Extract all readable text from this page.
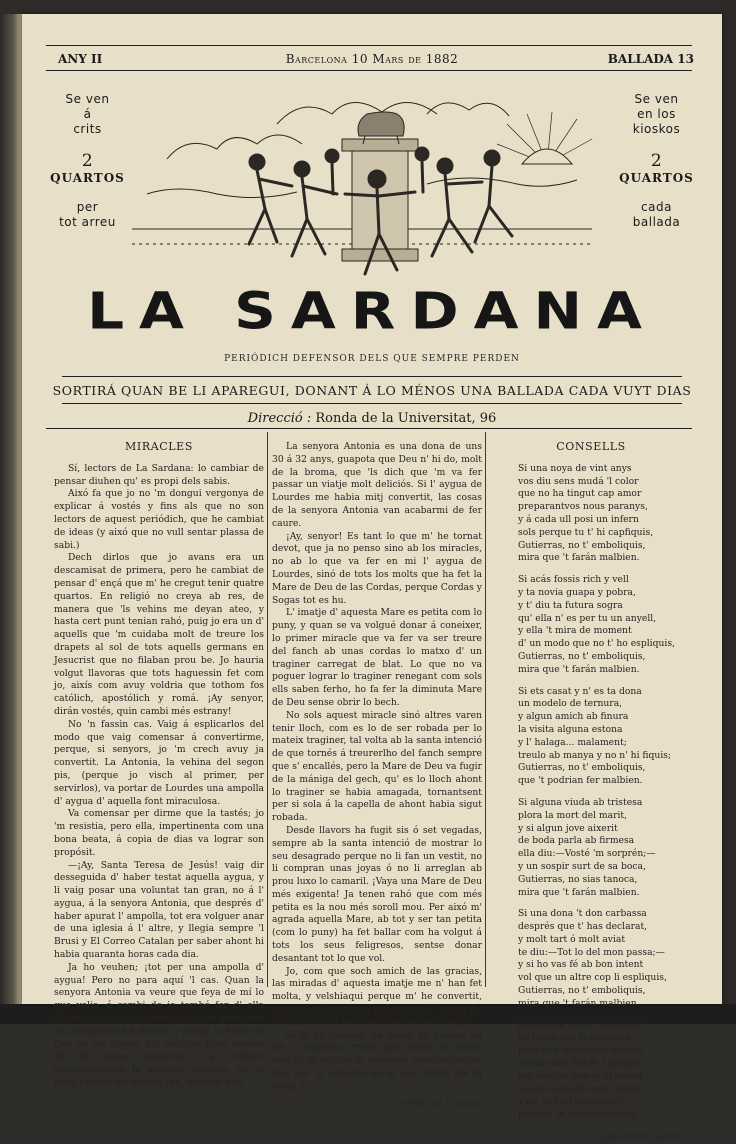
ANY II	Barcelona 10 Mars de 1882	BALLADA 13
Se ven
á
crits
2
QUARTOS
per
tot arreu
Se ven
en los
kioskos
2
QUARTOS
cada
ballada
LA SARDANA
PERIÓDICH DEFENSOR DELS QUE SEMPRE PERDEN
SORTIRÁ QUAN BE LI APAREGUI, DONANT Á LO MÉNOS UNA BALLADA CADA VUYT DIAS
Direcció : Ronda de la Universitat, 96
MIRACLES

Sí, lectors de La Sardana: lo cambiar de pensar diuhen qu' es propi dels sabis.

Aixó fa que jo no 'm dongui vergonya de explicar á vostés y fins als que no son lectors de aquest periódich, que he cambiat de ideas (y aixó que no vull sentar plassa de sabi.)

Dech dirlos que jo avans era un descamisat de primera, pero he cambiat de pensar d' ençá que m' he cregut tenir quatre quartos. En religió no creya ab res, de manera que 'ls vehins me deyan ateo, y hasta cert punt tenian rahó, puig jo era un d' aquells que 'm cuidaba molt de treure los drapets al sol de tots aquells germans en Jesucrist que no filaban prou be. Jo hauria volgut llavoras que tots haguessin fet com jo, aixís com avuy voldria que tothom fos católich, apostólich y romá. ¡Ay senyor, dirán vostés, quin cambi més estrany!

No 'n fassin cas. Vaig á esplicarlos del modo que vaig comensar á convertirme, perque, si senyors, jo 'm crech avuy ja convertit. La Antonia, la vehina del segon pis, (perque jo visch al primer, per servirlos), va portar de Lourdes una ampolla d' aygua d' aquella font miraculosa.

Va comensar per dirme que la tastés; jo 'm resistia, pero ella, impertinenta com una bona beata, á copia de dias va lograr son propósit.

—¡Ay, Santa Teresa de Jesús! vaig dir desseguida d' haber testat aquella aygua, y li vaig posar una voluntat tan gran, no á l' aygua, á la senyora Antonia, que després d' haber apurat l' ampolla, tot era volguer anar de una iglesia á l' altre, y llegia sempre 'l Brusi y El Correo Catalan per saber ahont hi habia quaranta horas cada dia.

Ja ho veuhen; ¡tot per una ampolla d' aygua! Pero no para aquí 'l cas. Quan la senyora Antonia va veure que feya de mí lo que volia, á cambi de jo també fer d' ella alguna cosa, va posarse al cap de portarme en pelegrinació á Bellbis á visitar la Mare de Deu de las Sogas. No confiant prou encara ab la meva conversió, va volguer acompanyarme la senyora Antonia, ab lo dócil permís del senyor Jan, marit d' ella.

La senyora Antonia es una dona de uns 30 á 32 anys, guapota que Deu n' hi do, molt de la broma, que 'ls dich que 'm va fer passar un viatje molt deliciós. Si l' aygua de Lourdes me habia mitj convertit, las cosas de la senyora Antonia van acabarmi de fer caure.

¡Ay, senyor! Es tant lo que m' he tornat devot, que ja no penso sino ab los miracles, no ab lo que va fer en mi l' aygua de Lourdes, sinó de tots los molts que ha fet la Mare de Deu de las Cordas, perque Cordas y Sogas tot es hu.

L' imatje d' aquesta Mare es petita com lo puny, y quan se va volgué donar á coneixer, lo primer miracle que va fer va ser treure del fanch ab unas cordas lo matxo d' un traginer carregat de blat. Lo que no va poguer lograr lo traginer renegant com sols ells saben ferho, ho fa fer la diminuta Mare de Deu sense obrir lo bech.

No sols aquest miracle sinó altres varen tenir lloch, com es lo de ser robada per lo mateix traginer, tal volta ab la santa intenció de que tornés á treurerlho del fanch sempre que s' encallés, pero la Mare de Deu va fugir de la mániga del gech, qu' es lo lloch ahont lo traginer se habia amagada, tornantsent per si sola á la capella de ahont habia sigut robada.

Desde llavors ha fugit sis ó set vegadas, sempre ab la santa intenció de mostrar lo seu desagrado perque no li fan un vestit, no li compran unas joyas ó no li arreglan ab prou luxo lo camaril. ¡Vaya una Mare de Deu més exigenta! Ja tenen rahó que com més petita es la nou més soroll mou. Per aixó m' agrada aquella Mare, ab tot y ser tan petita (com lo puny) ha fet ballar com ha volgut á tots los seus feligresos, sentse donar desantant tot lo que vol.

Jo, com que soch amich de las gracias, las miradas d' aquesta imatje me n' han fet molta, y velshiaqui perque m' he convertit, gracias á la senyora Antonia, á l' aygua de Lourdes y á la Mare de Deu de las Cordas.

Si jo he cambiat de modo de pensar ab tot lo explicat, crech que vostés ho farán sols ab la lectura d' aquestas quantas ratllas que per la salvació de la sua ánima los hi envia lo

Nebot de l' oncle
CONSELLS
Si una noya de vint anys
vos diu sens mudá 'l color
que no ha tingut cap amor
preparantvos nous paranys,
y á cada ull posi un infern
sols perque tu t' hi capfiquis,
Gutierras, no t' emboliquis,
mira que 't farán malbien.
Si acás fossis rich y vell
y ta novia guapa y pobra,
y t' diu ta futura sogra
qu' ella n' es per tu un anyell,
y ella 't mira de moment
d' un modo que no t' ho espliquis,
Gutierras, no t' emboliquis,
mira que 't farán malbien.
Si ets casat y n' es ta dona
un modelo de ternura,
y algun amich ab finura
la visita alguna estona
y l' halaga... malament;
treulo ab manya y no n' hi fiquis;
Gutierras, no t' emboliquis,
que 't podrian fer malbien.
Si alguna viuda ab tristesa
plora la mort del marit,
y si algun jove aixerit
de boda parla ab firmesa
ella diu:—Vosté 'm sorprén;—
y un sospir surt de sa boca,
Gutierras, no sias tanoca,
mira que 't farán malbien.
Si una dona 't don carbassa
després que t' has declarat,
y molt tart ó molt aviat
te diu:—Tot lo del mon passa;—
y si ho vas fé ab bon intent
vol que un altre cop li espliquis,
Gutierras, no t' emboliquis,
mira que 't farán malbien.
Jo sempre estich admirant
de las donas la destresa,
puig que sens tenir bellesa
moltas nos fan fé 'l gegant;
per aixó es que jo al jovent
aquets consells vull donar,
y no 'm vull embolicar
perque 'm farian malbien.
Joan Conte Lacosta
